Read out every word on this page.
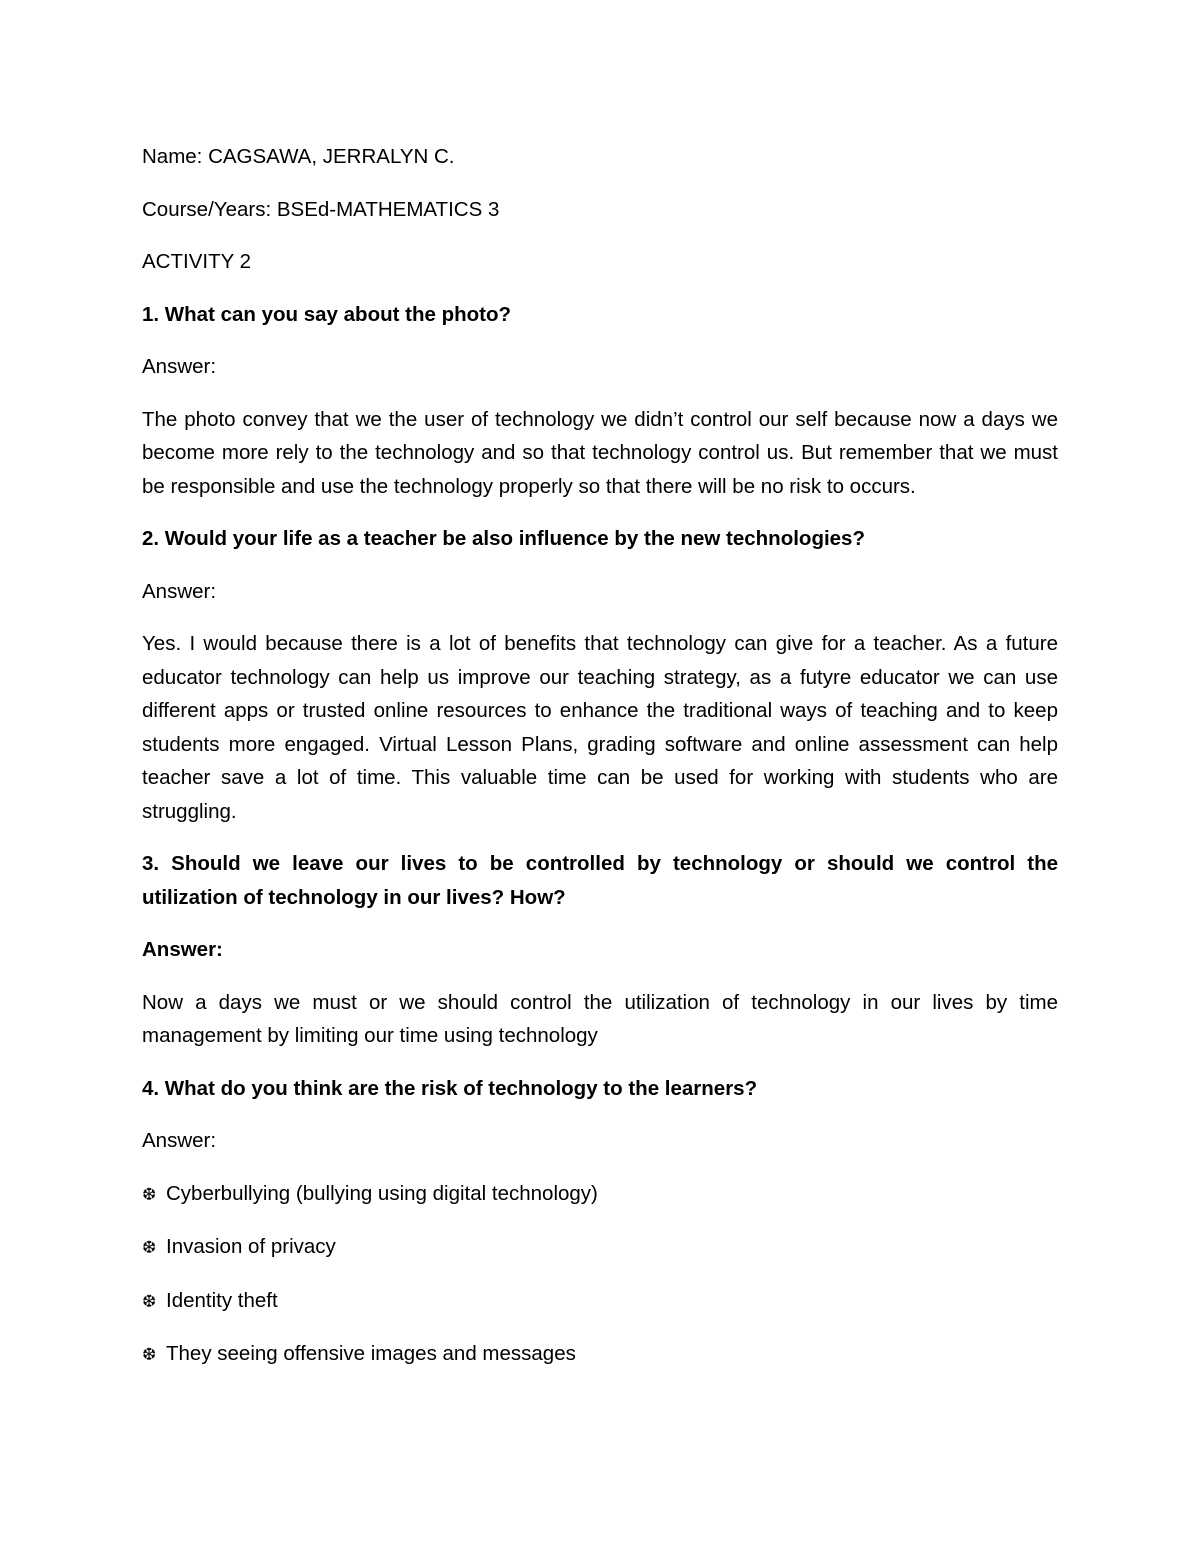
Name: CAGSAWA, JERRALYN C.

Course/Years: BSEd-MATHEMATICS 3

ACTIVITY 2

1. What can you say about the photo?

Answer:

The photo convey that we the user of technology we didn’t control our self because now a days we become more rely to the technology and so that technology control us. But remember that we must be responsible and use the technology properly so that there will be no risk to occurs.

2. Would your life as a teacher be also influence by the new technologies?

Answer:

Yes. I would because there is a lot of benefits that technology can give for a teacher. As a future educator technology can help us improve our teaching strategy, as a futyre educator we can use different apps or trusted online resources to enhance the traditional ways of teaching and to keep students more engaged. Virtual Lesson Plans, grading software and online assessment can help teacher save a lot of time. This valuable time can be used for working with students who are struggling.

3. Should we leave our lives to be controlled by technology or should we control the utilization of technology in our lives? How?

Answer:

Now a days we must or we should control the utilization of technology in our lives by time management by limiting our time using technology

4. What do you think are the risk of technology to the learners?

Answer:

❆ Cyberbullying (bullying using digital technology)
❆ Invasion of privacy
❆ Identity theft
❆ They seeing offensive images and messages
